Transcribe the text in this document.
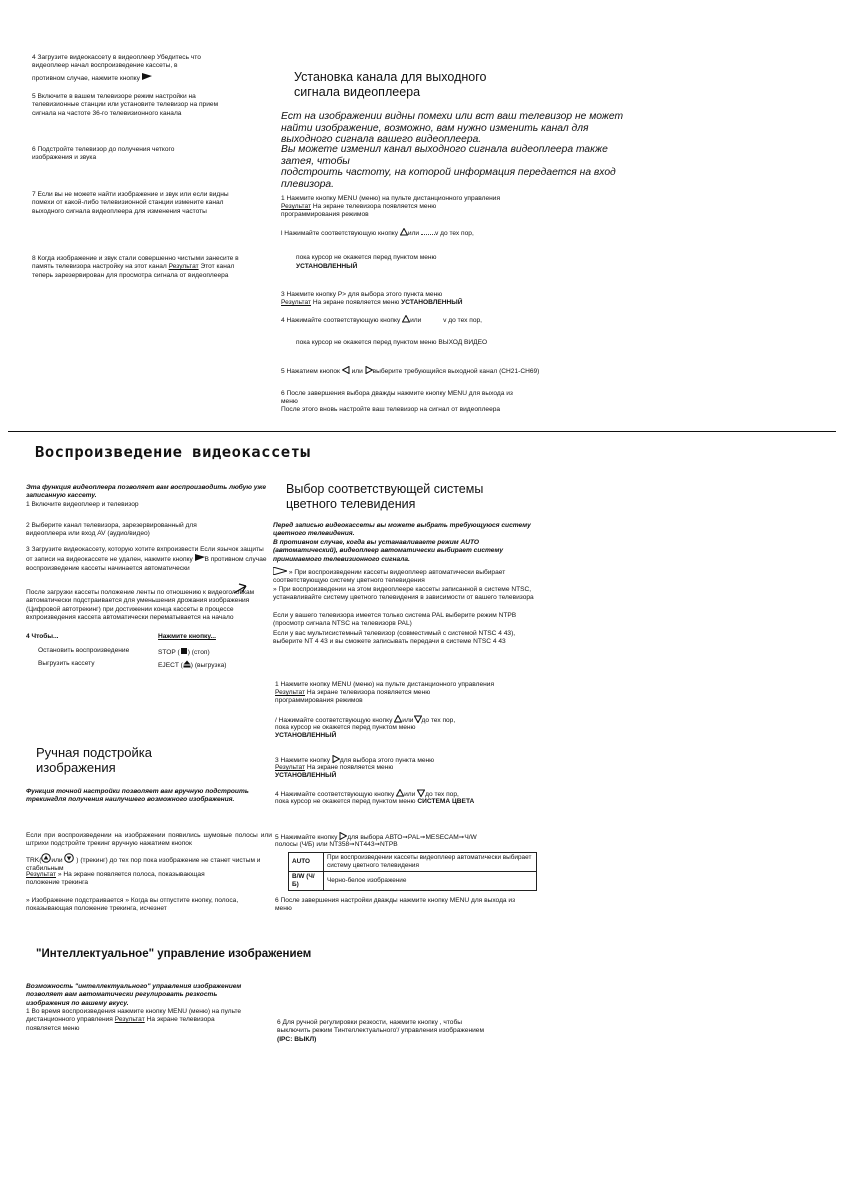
4 Загрузите видеокассету в видеоплеер Убедитесь что видеоплеер начал воспроизведение кассеты, в
противном случае, нажмите кнопку

5 Включите в вашем телевизоре режим настройки на телевизионные станции или установите телевизор на прием сигнала на частоте 36-го телевизионного канала

6 Подстройте телевизор до получения четкого изображения и звука

7 Если вы не можете найти изображение и звук или если видны помехи от какой-либо телевизионной станции измените канал выходного сигнала видеоплеера для изменения частоты

8 Когда изображение и звук стали совершенно чистыми занесите в память телевизора настройку на этот канал Результат Этот канал теперь зарезервирован для просмотра сигнала от видеоплеера

Установка канала для выходного сигнала видеоплеера

Ест на изображении видны помехи или вст ваш телевизор не может найти изображение, возможно, вам нужно изменить канал для выходного сигнала вашего видеоплеера.

Вы можете изменил канал выходного сигнала видеоплеера также затея, чтобы

подстроить частоту, на которой информация передается на вход плевизора.

1 Нажмите кнопку MENU (меню) на пульте дистанционного управления

Результат На экране телевизора появляется меню программирования режимов
l Нажимайте соответствующую кнопку или v до тех пор,

пока курсор не окажется перед пунктом меню

УСТАНОВЛЕННЫЙ

3 Нажмите кнопку P> для выбора этого пункта меню

Результат На экране появляется меню УСТАНОВЛЕННЫЙ
4 Нажимайте соответствующую кнопку или	v до тех пор,

пока курсор не окажется перед пунктом меню ВЫХОД ВИДЕО

5 Нажатием кнопок или выберите требующийся выходной канал (CH21-CH69)

6 После завершения выбора дважды нажмите кнопку MENU для выхода из меню

После этого вновь настройте ваш телевизор на сигнал от видеоплеера

Воспроизведение видеокассеты

Эта функция видеоплеера позволяет вам воспроизводить любую уже записанную кассету.

1 Включите видеоплеер и телевизор

2 Выберите канал телевизора, зарезервированный для видеоплеера или вход AV (аудио/видео)

3 Загрузите видеокассету, которую хотите вхпроизвести Если язычок защиты от записи на видеокассете не удален, нажмите кнопку В противном случае воспроизведение кассеты начинается автоматически

После загрузки кассеты положение ленты по отношению к видеоголовкам автоматически подстраивается для уменьшения дрожания изображения (Цифровой автотрекинг) при достижении конца кассеты в процессе вхпроизведения кассета автоматически перематывается на начало

4 Чтобы...	Нажмите кнопку...

Остановить воспроизведение	STOP ( ) (стоп)

Выгрузить кассету	EJECT ( ) (выгрузка)

Выбор соответствующей системы цветного телевидения

Перед записью видеокассеты вы можете выбрать требующуюся систему цветного телевидения.

В противном случае, когда вы устанавливаете режим AUTO (автоматический), видеоплеер автоматически выбирает систему принимаемого телевизионного сигнала.

» При воспроизведении кассеты видеоплеер автоматически выбирает соответствующую систему цветного телевидения

» При воспроизведении на этом видеоплеере кассеты записанной в системе NTSC, устанавливайте систему цветного телевидения в зависимости от вашего телевизора

Если у вашего телевизора имеется только система PAL выберите режим NTPB (просмотр сигнала NTSC на телевизорв PAL)

Если у вас мультисистемный телевизор (совместимый с системой NTSC 4 43), выберите NT 4 43 и вы сможете записывать передачи в системе NTSC 4 43

1 Нажмите кнопку MENU (меню) на пульте дистанционного управления

Результат На экране телевизора появляется меню программирования режимов
/ Нажимайте соответствующую кнопку или до тех пор,

пока курсор не окажется перед пунктом меню

УСТАНОВЛЕННЫЙ

3 Нажмите кнопку для выбора этого пункта меню
Результат На экране появляется меню

УСТАНОВЛЕННЫЙ

4 Нажимайте соответствующую кнопку или до тех пор,
пока курсор не окажется перед пунктом меню СИСТЕМА ЦВЕТА
5 Нажимайте кнопку для выбора АВТО➞PAL➞MESECAM➞Ч/W
полосы (Ч/Б) или NT358➞NT443➞NTPB
AUTO	При воспроизведении кассеты видеоплеер автоматически выбирает систему цветного телевидения
B/W (Ч/Б)	Черно-белое изображение

6 После завершения настройки дважды нажмите кнопку MENU для выхода из меню

Ручная подстройка изображения

Функция точной настройки позволяет вам вручную подстроить трекингдля получения наилучшего возможного изображения.

Если при воспроизведении на изображении появились шумовые полосы или штрихи подстройте трекинг вручную нажатием кнопок

TRK( или ) (трекинг) до тех пор пока изображение не станет чистым и стабильным
Результат » На экране появляется полоса, показывающая положение трекинга

» Изображение подстраивается » Когда вы отпустите кнопку, полоса, показывающая положение трекинга, исчезнет

"Интеллектуальное" управление изображением

Возможность "интеллектуального" управления изображением позволяет вам автоматически регулировать резкость изображения по вашему вкусу.

1 Во время воспроизведения нажмите кнопку MENU (меню) на пульте дистанционного управления Результат На экране телевизора появляется меню
6 Для ручной регулировки резкости, нажмите кнопку , чтобы выключить режим Тинтеллектуального'/ управления изображением (IPC: ВЫКЛ)
